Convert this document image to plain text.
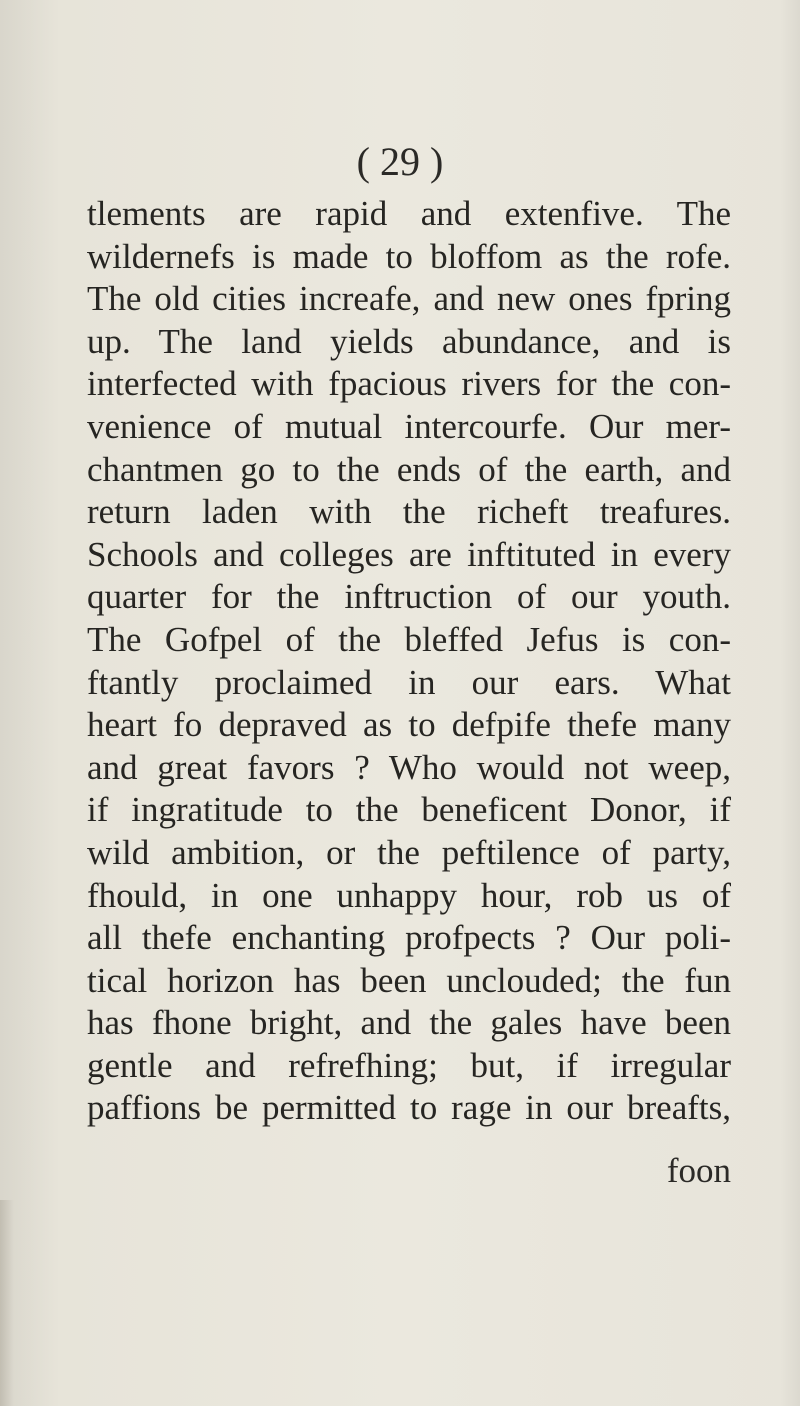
( 29 )
tlements are rapid and extenfive. The
wildernefs is made to bloffom as the rofe.
The old cities increafe, and new ones fpring
up. The land yields abundance, and is
interfected with fpacious rivers for the con-
venience of mutual intercourfe. Our mer-
chantmen go to the ends of the earth, and
return laden with the richeft treafures.
Schools and colleges are inftituted in every
quarter for the inftruction of our youth.
The Gofpel of the bleffed Jefus is con-
ftantly proclaimed in our ears. What
heart fo depraved as to defpife thefe many
and great favors ? Who would not weep,
if ingratitude to the beneficent Donor, if
wild ambition, or the peftilence of party,
fhould, in one unhappy hour, rob us of
all thefe enchanting profpects ? Our poli-
tical horizon has been unclouded; the fun
has fhone bright, and the gales have been
gentle and refrefhing; but, if irregular
paffions be permitted to rage in our breafts,
foon
